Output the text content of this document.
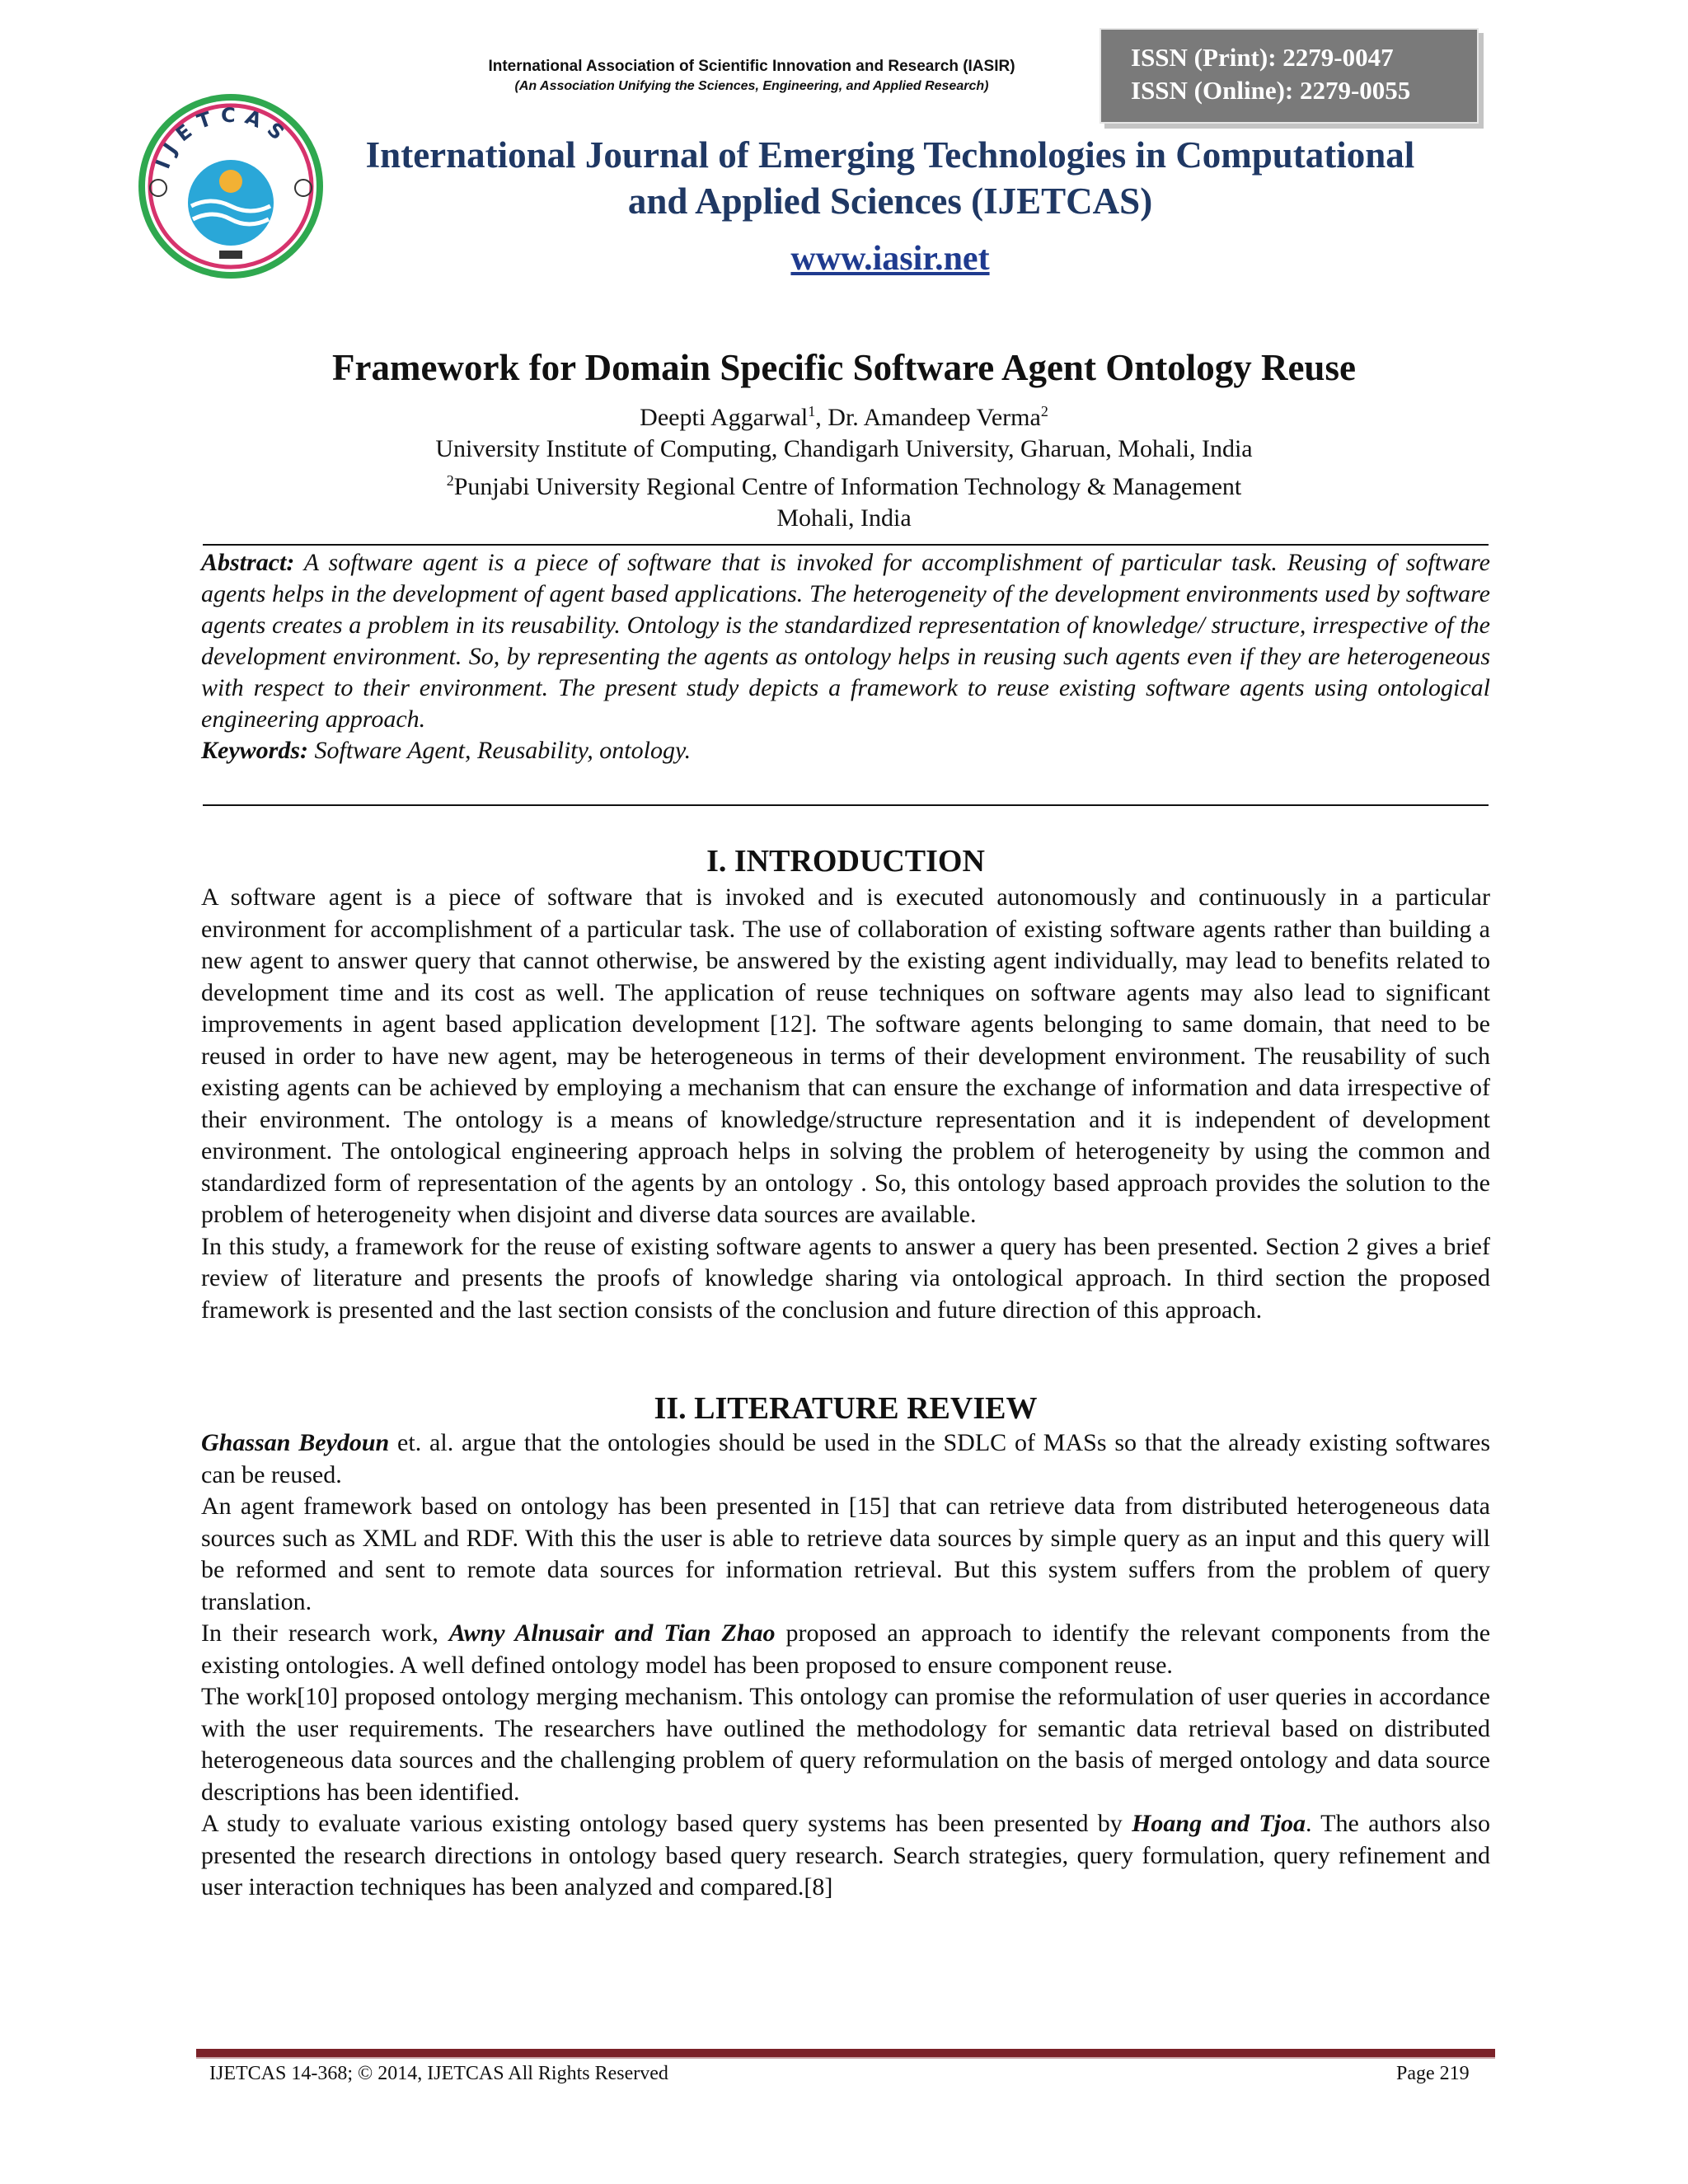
IJETCAS
International Association of Scientific Innovation and Research (IASIR)
(An Association Unifying the Sciences, Engineering, and Applied Research)
ISSN (Print): 2279-0047
ISSN (Online): 2279-0055
International Journal of Emerging Technologies in Computational
and Applied Sciences (IJETCAS)
www.iasir.net
Framework for Domain Specific Software Agent Ontology Reuse
Deepti Aggarwal$^1$, Dr. Amandeep Verma$^2$
University Institute of Computing, Chandigarh University, Gharuan, Mohali, India
$^2$Punjabi University Regional Centre of Information Technology & Management
Mohali, India
Abstract: A software agent is a piece of software that is invoked for accomplishment of particular task. Reusing of software agents helps in the development of agent based applications. The heterogeneity of the development environments used by software agents creates a problem in its reusability. Ontology is the standardized representation of knowledge/ structure, irrespective of the development environment. So, by representing the agents as ontology helps in reusing such agents even if they are heterogeneous with respect to their environment. The present study depicts a framework to reuse existing software agents using ontological engineering approach.
Keywords: Software Agent, Reusability, ontology.
I. INTRODUCTION

A software agent is a piece of software that is invoked and is executed autonomously and continuously in a particular environment for accomplishment of a particular task. The use of collaboration of existing software agents rather than building a new agent to answer query that cannot otherwise, be answered by the existing agent individually, may lead to benefits related to development time and its cost as well. The application of reuse techniques on software agents may also lead to significant improvements in agent based application development [12]. The software agents belonging to same domain, that need to be reused in order to have new agent, may be heterogeneous in terms of their development environment. The reusability of such existing agents can be achieved by employing a mechanism that can ensure the exchange of information and data irrespective of their environment. The ontology is a means of knowledge/structure representation and it is independent of development environment. The ontological engineering approach helps in solving the problem of heterogeneity by using the common and standardized form of representation of the agents by an ontology . So, this ontology based approach provides the solution to the problem of heterogeneity when disjoint and diverse data sources are available.

In this study, a framework for the reuse of existing software agents to answer a query has been presented. Section 2 gives a brief review of literature and presents the proofs of knowledge sharing via ontological approach. In third section the proposed framework is presented and the last section consists of the conclusion and future direction of this approach.

II. LITERATURE REVIEW

Ghassan Beydoun et. al. argue that the ontologies should be used in the SDLC of MASs so that the already existing softwares can be reused.

An agent framework based on ontology has been presented in [15] that can retrieve data from distributed heterogeneous data sources such as XML and RDF. With this the user is able to retrieve data sources by simple query as an input and this query will be reformed and sent to remote data sources for information retrieval. But this system suffers from the problem of query translation.

In their research work, Awny Alnusair and Tian Zhao proposed an approach to identify the relevant components from the existing ontologies. A well defined ontology model has been proposed to ensure component reuse.

The work[10] proposed ontology merging mechanism. This ontology can promise the reformulation of user queries in accordance with the user requirements. The researchers have outlined the methodology for semantic data retrieval based on distributed heterogeneous data sources and the challenging problem of query reformulation on the basis of merged ontology and data source descriptions has been identified.

A study to evaluate various existing ontology based query systems has been presented by Hoang and Tjoa. The authors also presented the research directions in ontology based query research. Search strategies, query formulation, query refinement and user interaction techniques has been analyzed and compared.[8]

IJETCAS 14-368; © 2014, IJETCAS All Rights Reserved	Page 219
